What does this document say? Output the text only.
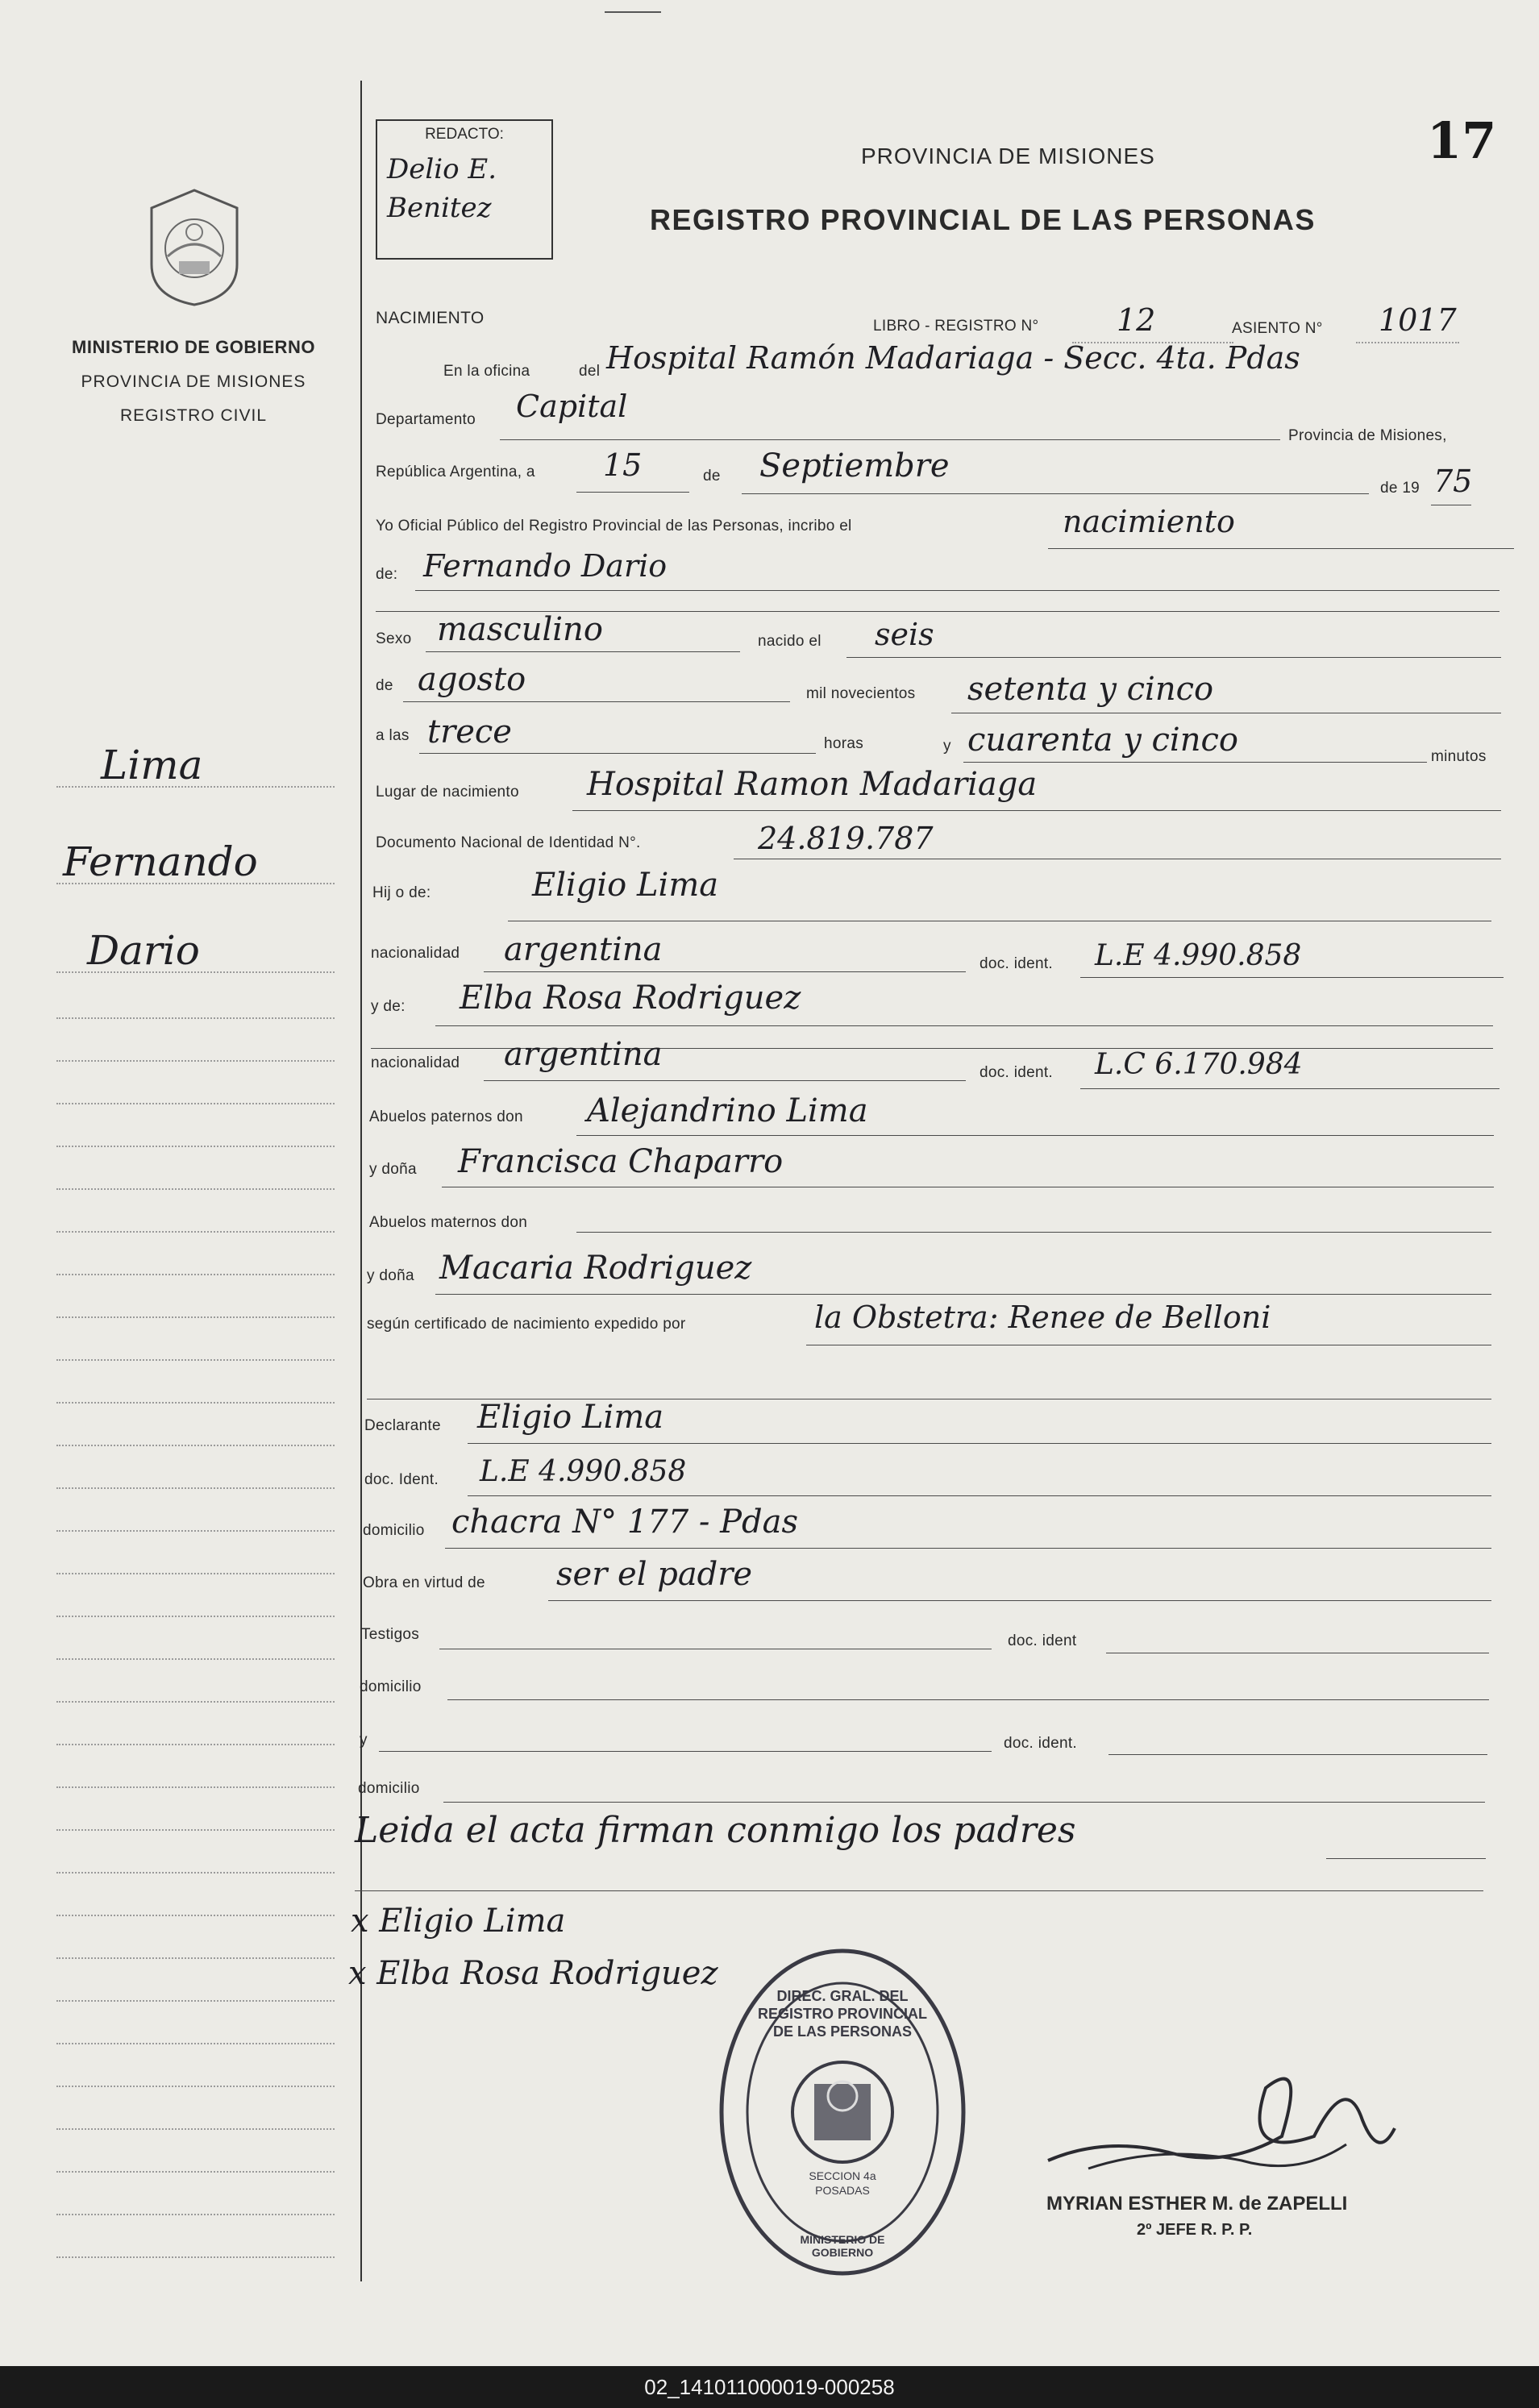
17
REDACTO:
Delio E. Benitez
MINISTERIO DE GOBIERNO
PROVINCIA DE MISIONES
REGISTRO CIVIL
PROVINCIA DE MISIONES
REGISTRO PROVINCIAL DE LAS PERSONAS
Lima
Fernando
Dario
NACIMIENTO	LIBRO - REGISTRO N°	12	ASIENTO N° 1017
En la oficina	del Hospital Ramón Madariaga - Secc. 4ta. Pdas
Departamento Capital
Provincia de Misiones,
República Argentina, a 15	de Septiembre
de 19 75
Yo Oficial Público del Registro Provincial de las Personas, incribo el	nacimiento
de: Fernando Dario
Sexo masculino	nacido el seis
de agosto	mil novecientos setenta y cinco
a las trece	horas	y cuarenta y cinco	minutos
Lugar de nacimiento Hospital Ramon Madariaga
Documento Nacional de Identidad N°.	24.819.787
Hij o de:	Eligio Lima
nacionalidad argentina	doc. ident. L.E 4.990.858
y de: Elba Rosa Rodriguez
nacionalidad argentina	doc. ident. L.C 6.170.984
Abuelos paternos don Alejandrino Lima
y doña Francisca Chaparro
Abuelos maternos don
y doña Macaria Rodriguez
según certificado de nacimiento expedido por	la Obstetra: Renee de Belloni
Declarante Eligio Lima
doc. Ident. L.E 4.990.858
domicilio chacra N° 177 - Pdas
Obra en virtud de ser el padre
Testigos	doc. ident
domicilio
y	doc. ident.
domicilio
Leida el acta firman conmigo los padres
x Eligio Lima
x Elba Rosa Rodriguez
DIREC. GRAL. DEL REGISTRO PROVINCIAL DE LAS PERSONAS
SECCION 4a POSADAS
MINISTERIO DE GOBIERNO
MYRIAN ESTHER M. de ZAPELLI
2º JEFE R. P. P.
02_141011000019-000258
